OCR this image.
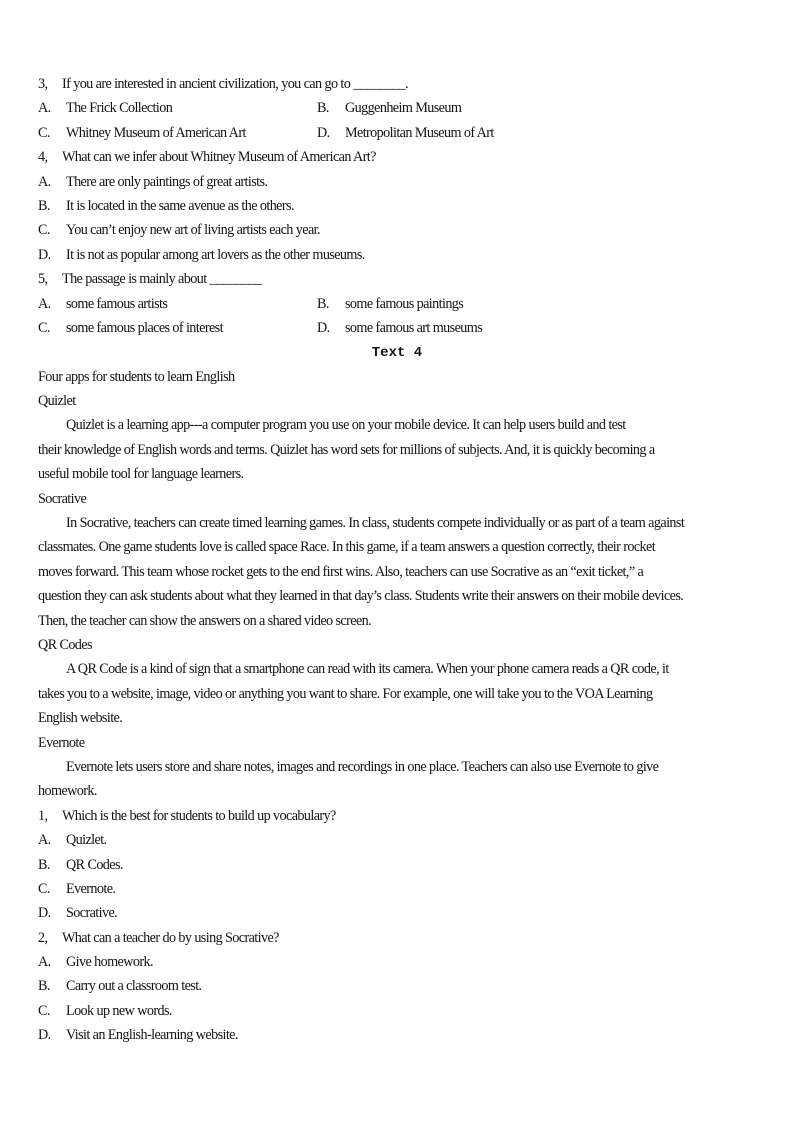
3, If you are interested in ancient civilization, you can go to ________.
A. The Frick Collection	B. Guggenheim Museum
C. Whitney Museum of American Art	D. Metropolitan Museum of Art
4, What can we infer about Whitney Museum of American Art?
A. There are only paintings of great artists.
B. It is located in the same avenue as the others.
C. You can’t enjoy new art of living artists each year.
D. It is not as popular among art lovers as the other museums.
5, The passage is mainly about ________
A. some famous artists	B. some famous paintings
C. some famous places of interest	D. some famous art museums
Text 4
Four apps for students to learn English
Quizlet
Quizlet is a learning app---a computer program you use on your mobile device. It can help users build and test
their knowledge of English words and terms. Quizlet has word sets for millions of subjects. And, it is quickly becoming a
useful mobile tool for language learners.
Socrative
In Socrative, teachers can create timed learning games. In class, students compete individually or as part of a team against
classmates. One game students love is called space Race. In this game, if a team answers a question correctly, their rocket
moves forward. This team whose rocket gets to the end first wins. Also, teachers can use Socrative as an “exit ticket,” a
question they can ask students about what they learned in that day’s class. Students write their answers on their mobile devices.
Then, the teacher can show the answers on a shared video screen.
QR Codes
A QR Code is a kind of sign that a smartphone can read with its camera. When your phone camera reads a QR code, it
takes you to a website, image, video or anything you want to share. For example, one will take you to the VOA Learning
English website.
Evernote
Evernote lets users store and share notes, images and recordings in one place. Teachers can also use Evernote to give
homework.
1, Which is the best for students to build up vocabulary?
A. Quizlet.
B. QR Codes.
C. Evernote.
D. Socrative.
2, What can a teacher do by using Socrative?
A. Give homework.
B. Carry out a classroom test.
C. Look up new words.
D. Visit an English-learning website.
